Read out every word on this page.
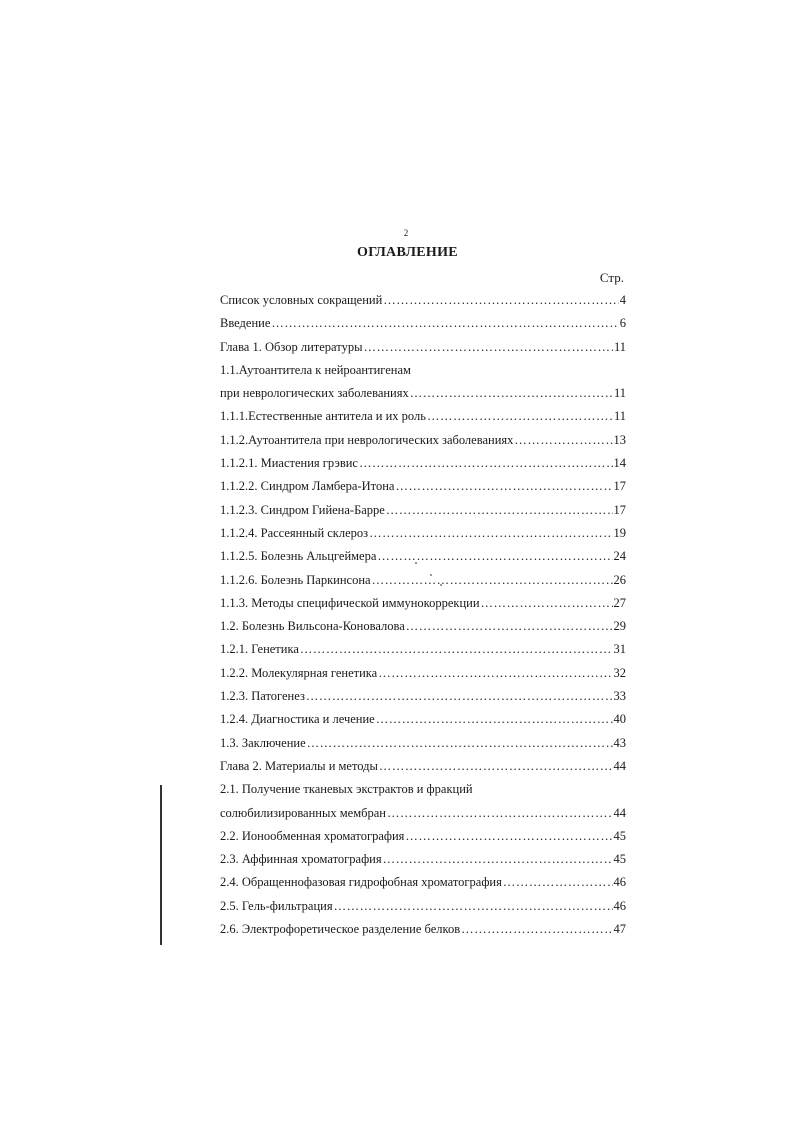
2
ОГЛАВЛЕНИЕ
Стр.
Список условных сокращений ……………………………………………………………………………………………………………………………………………………………	4
Введение ……………………………………………………………………………………………………………………………………………………………	6
Глава 1. Обзор литературы ……………………………………………………………………………………………………………………………………………………………	11
1.1.Аутоантитела к нейроантигенам
при неврологических заболеваниях ……………………………………………………………………………………………………………………………………………………………	11
1.1.1.Естественные антитела и их роль ……………………………………………………………………………………………………………………………………………………………	11
1.1.2.Аутоантитела при неврологических заболеваниях ……………………………………………………………………………………………………………………………………………………………	13
1.1.2.1. Миастения грэвис ……………………………………………………………………………………………………………………………………………………………	14
1.1.2.2. Синдром Ламбера-Итона ……………………………………………………………………………………………………………………………………………………………	17
1.1.2.3. Синдром Гийена-Барре ……………………………………………………………………………………………………………………………………………………………	17
1.1.2.4. Рассеянный склероз ……………………………………………………………………………………………………………………………………………………………	19
1.1.2.5. Болезнь Альцгеймера ……………………………………………………………………………………………………………………………………………………………	24
1.1.2.6. Болезнь Паркинсона ……………………………………………………………………………………………………………………………………………………………	26
1.1.3. Методы специфической иммунокоррекции ……………………………………………………………………………………………………………………………………………………………	27
1.2. Болезнь Вильсона-Коновалова ……………………………………………………………………………………………………………………………………………………………	29
1.2.1. Генетика ……………………………………………………………………………………………………………………………………………………………	31
1.2.2. Молекулярная генетика ……………………………………………………………………………………………………………………………………………………………	32
1.2.3. Патогенез ……………………………………………………………………………………………………………………………………………………………	33
1.2.4. Диагностика и лечение ……………………………………………………………………………………………………………………………………………………………	40
1.3. Заключение ……………………………………………………………………………………………………………………………………………………………	43
Глава 2. Материалы и методы ……………………………………………………………………………………………………………………………………………………………	44
2.1. Получение тканевых экстрактов и фракций
солюбилизированных мембран ……………………………………………………………………………………………………………………………………………………………	44
2.2. Ионообменная хроматография ……………………………………………………………………………………………………………………………………………………………	45
2.3. Аффинная хроматография ……………………………………………………………………………………………………………………………………………………………	45
2.4. Обращеннофазовая гидрофобная хроматография ……………………………………………………………………………………………………………………………………………………………	46
2.5. Гель-фильтрация ……………………………………………………………………………………………………………………………………………………………	46
2.6. Электрофоретическое разделение белков ……………………………………………………………………………………………………………………………………………………………	47
